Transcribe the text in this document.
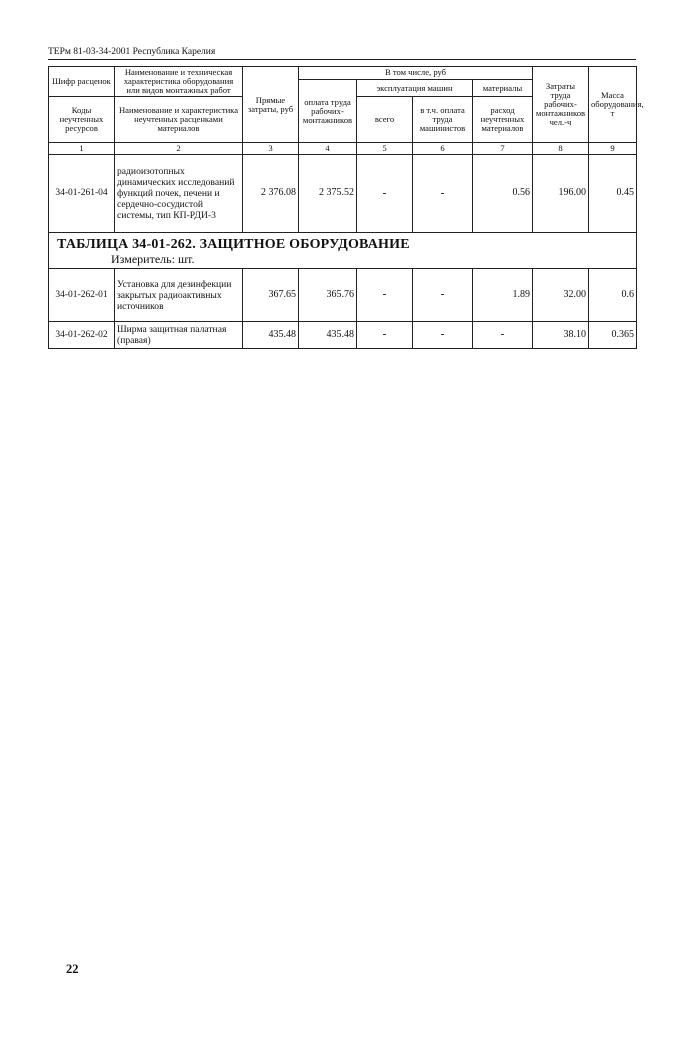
ТЕРм 81-03-34-2001 Республика Карелия
Шифр расценок	Наименование и техническая характеристика оборудования или видов монтажных работ	Прямые затраты, руб	В том числе, руб				Затраты труда рабочих-монтажников чел.-ч	Масса оборудования, т
			оплата труда рабочих-монтажников	эксплуатация машин		материалы		
Коды неучтенных ресурсов	Наименование и характеристика неучтенных расценками материалов			всего	в т.ч. оплата труда машинистов	расход неучтенных материалов		

1	2	3	4	5	6	7	8	9
34-01-261-04	радиоизотопных динамических исследований функций почек, печени и сердечно-сосудистой системы, тип КП-РДИ-3	2 376.08	2 375.52	-	-	0.56	196.00	0.45
ТАБЛИЦА 34-01-262. ЗАЩИТНОЕ ОБОРУДОВАНИЕ								
Измеритель: шт.								
34-01-262-01	Установка для дезинфекции закрытых радиоактивных источников	367.65	365.76	-	-	1.89	32.00	0.6
34-01-262-02	Ширма защитная палатная (правая)	435.48	435.48	-	-	-	38.10	0.365
22
